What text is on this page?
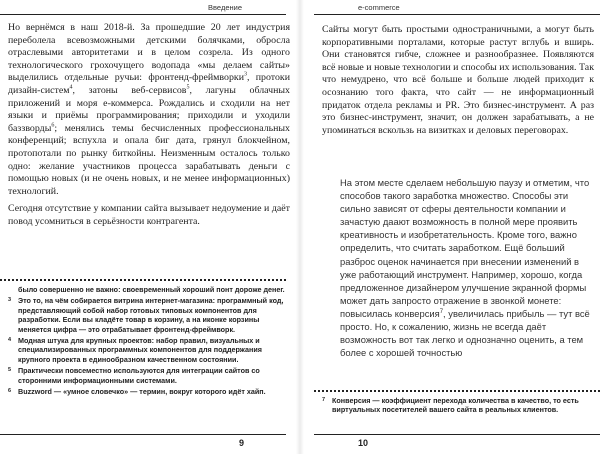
Введение

Но вернёмся в наш 2018-й. За прошедшие 20 лет индустрия переболела всевозможными детскими болячками, обросла отраслевыми авторитетами и в целом созрела. Из одного технологического грохочущего водопада «мы делаем сайты» выделились отдельные ручьи: фронтенд-фреймворки$^3$, протоки дизайн-систем$^4$, затоны веб-сервисов$^5$, лагуны облачных приложений и моря e-коммерса. Рождались и сходили на нет языки и приёмы программирования; приходили и уходили баззворды$^6$; менялись темы бесчисленных профессиональных конференций; вспухла и опала биг дата, грянул блокчейном, протопотали по рынку биткойны. Неизменным осталось только одно: желание участников процесса зарабатывать деньги с помощью новых (и не очень новых, и не менее информационных) технологий.

Сегодня отсутствие у компании сайта вызывает недоумение и даёт повод усомниться в серьёзности контрагента.

было совершенно не важно: своевременный хороший понт дороже денег.
3 Это то, на чём собирается витрина интернет-магазина: программный код, представляющий собой набор готовых типовых компонентов для разработки. Если вы кладёте товар в корзину, а на иконке корзины меняется цифра — это отрабатывает фронтенд-фреймворк.
4 Модная штука для крупных проектов: набор правил, визуальных и специализированных программных компонентов для поддержания крупного проекта в единообразном качественном состоянии.
5 Практически повсеместно используются для интеграции сайтов со сторонними информационными системами.
6 Buzzword — «умное словечко» — термин, вокруг которого идёт хайп.
9
e-commerce

Сайты могут быть простыми одностраничными, а могут быть корпоративными порталами, которые растут вглубь и вширь. Они становятся гибче, сложнее и разнообразнее. Появляются всё новые и новые технологии и способы их использования. Так что немудрено, что всё больше и больше людей приходит к осознанию того факта, что сайт — не информационный придаток отдела рекламы и PR. Это бизнес-инструмент. А раз это бизнес-инструмент, значит, он должен зарабатывать, а не упоминаться вскользь на визитках и деловых переговорах.

На этом месте сделаем небольшую паузу и отметим, что способов такого заработка множество. Способы эти сильно зависят от сферы деятельности компании и зачастую даают возможность в полной мере проявить креативность и изобретательность. Кроме того, важно определить, что считать заработком. Ещё больший разброс оценок начинается при внесении изменений в уже работающий инструмент. Например, хорошо, когда предложенное дизайнером улучшение экранной формы может дать запросто отражение в звонкой монете: повысилась конверсия$^7$, увеличилась прибыль — тут всё просто. Но, к сожалению, жизнь не всегда даёт возможность вот так легко и однозначно оценить, а тем более с хорошей точностью

7 Конверсия — коэффициент перехода количества в качество, то есть виртуальных посетителей вашего сайта в реальных клиентов.
10
